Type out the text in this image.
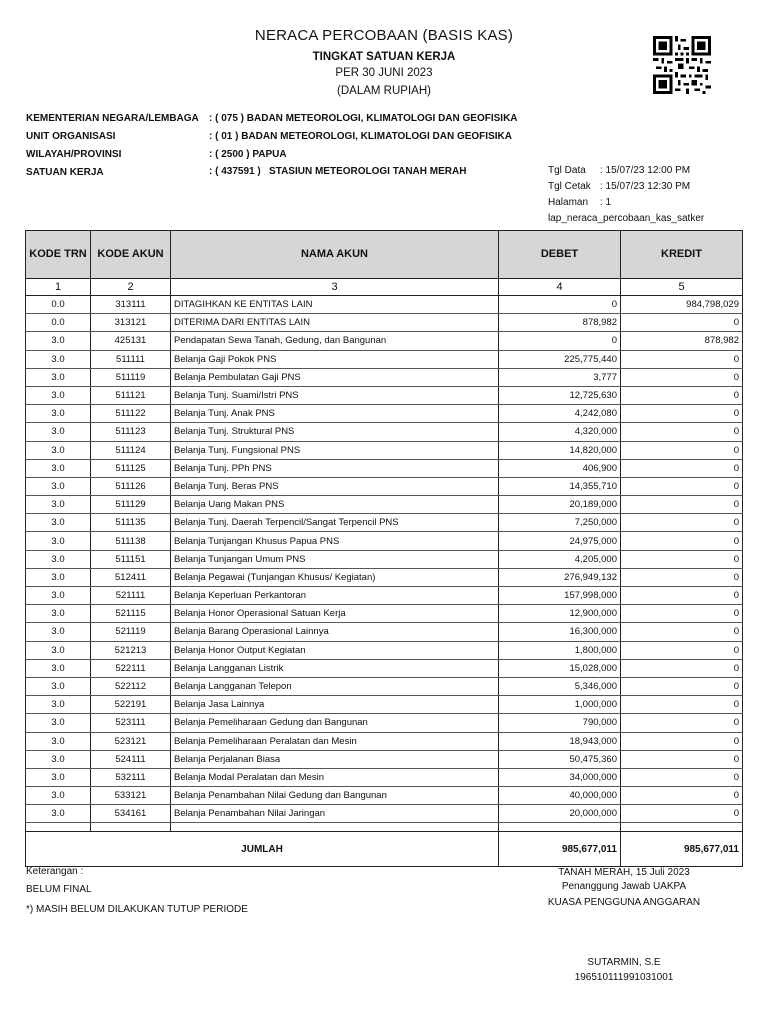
NERACA PERCOBAAN (BASIS KAS)
TINGKAT SATUAN KERJA
PER 30 JUNI 2023
(DALAM RUPIAH)
KEMENTERIAN NEGARA/LEMBAGA : ( 075 ) BADAN METEOROLOGI, KLIMATOLOGI DAN GEOFISIKA
UNIT ORGANISASI	: ( 01 ) BADAN METEOROLOGI, KLIMATOLOGI DAN GEOFISIKA
WILAYAH/PROVINSI	: ( 2500 ) PAPUA
SATUAN KERJA	: ( 437591 )   STASIUN METEOROLOGI TANAH MERAH	Tgl Data : 15/07/23 12:00 PM
Tgl Cetak : 15/07/23 12:30 PM
Halaman : 1
lap_neraca_percobaan_kas_satker
KODE TRN	KODE AKUN	NAMA AKUN	DEBET	KREDIT
1	2	3	4	5
0.0	313111	DITAGIHKAN KE ENTITAS LAIN	0	984,798,029
0.0	313121	DITERIMA DARI ENTITAS LAIN	878,982	0
3.0	425131	Pendapatan Sewa Tanah, Gedung, dan Bangunan	0	878,982
3.0	511111	Belanja Gaji Pokok PNS	225,775,440	0
3.0	511119	Belanja Pembulatan Gaji PNS	3,777	0
3.0	511121	Belanja Tunj. Suami/Istri PNS	12,725,630	0
3.0	511122	Belanja Tunj. Anak PNS	4,242,080	0
3.0	511123	Belanja Tunj. Struktural PNS	4,320,000	0
3.0	511124	Belanja Tunj. Fungsional PNS	14,820,000	0
3.0	511125	Belanja Tunj. PPh PNS	406,900	0
3.0	511126	Belanja Tunj. Beras PNS	14,355,710	0
3.0	511129	Belanja Uang Makan PNS	20,189,000	0
3.0	511135	Belanja Tunj. Daerah Terpencil/Sangat Terpencil PNS	7,250,000	0
3.0	511138	Belanja Tunjangan Khusus Papua PNS	24,975,000	0
3.0	511151	Belanja Tunjangan Umum PNS	4,205,000	0
3.0	512411	Belanja Pegawai (Tunjangan Khusus/ Kegiatan)	276,949,132	0
3.0	521111	Belanja Keperluan Perkantoran	157,998,000	0
3.0	521115	Belanja Honor Operasional Satuan Kerja	12,900,000	0
3.0	521119	Belanja Barang Operasional Lainnya	16,300,000	0
3.0	521213	Belanja Honor Output Kegiatan	1,800,000	0
3.0	522111	Belanja Langganan Listrik	15,028,000	0
3.0	522112	Belanja Langganan Telepon	5,346,000	0
3.0	522191	Belanja Jasa Lainnya	1,000,000	0
3.0	523111	Belanja Pemeliharaan Gedung dan Bangunan	790,000	0
3.0	523121	Belanja Pemeliharaan Peralatan dan Mesin	18,943,000	0
3.0	524111	Belanja Perjalanan Biasa	50,475,360	0
3.0	532111	Belanja Modal Peralatan dan Mesin	34,000,000	0
3.0	533121	Belanja Penambahan Nilai Gedung dan Bangunan	40,000,000	0
3.0	534161	Belanja Penambahan Nilai Jaringan	20,000,000	0

JUMLAH			985,677,011	985,677,011
Keterangan :
BELUM FINAL
*) MASIH BELUM DILAKUKAN TUTUP PERIODE
TANAH MERAH, 15 Juli 2023
Penanggung Jawab UAKPA
KUASA PENGGUNA ANGGARAN
SUTARMIN, S.E
196510111991031001
